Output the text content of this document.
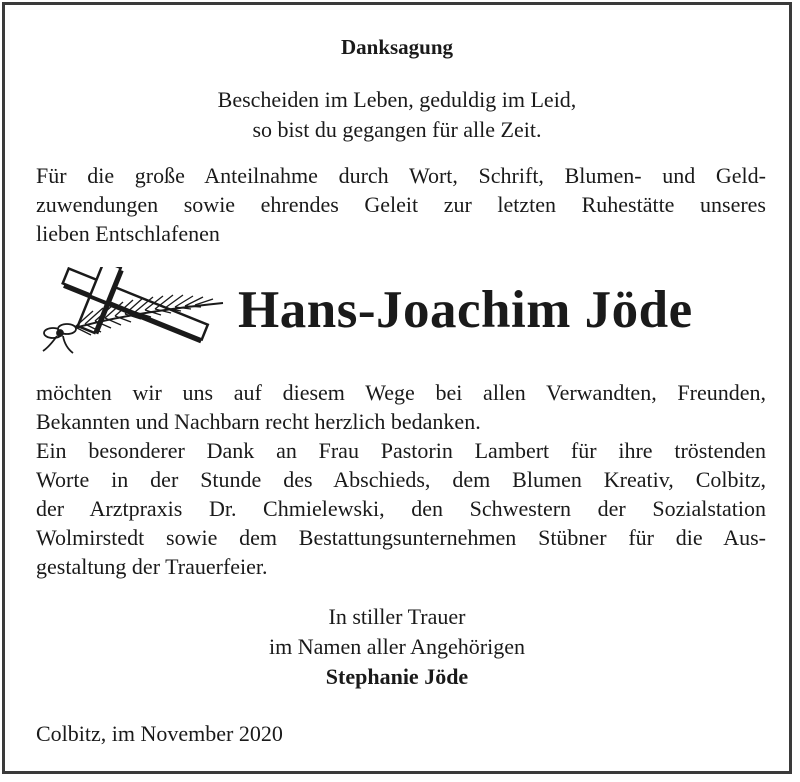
Danksagung
Bescheiden im Leben, geduldig im Leid,
so bist du gegangen für alle Zeit.
Für die große Anteilnahme durch Wort, Schrift, Blumen- und Geld-
zuwendungen sowie ehrendes Geleit zur letzten Ruhestätte unseres
lieben Entschlafenen
Hans-Joachim Jöde
möchten wir uns auf diesem Wege bei allen Verwandten, Freunden,
Bekannten und Nachbarn recht herzlich bedanken.
Ein besonderer Dank an Frau Pastorin Lambert für ihre tröstenden
Worte in der Stunde des Abschieds, dem Blumen Kreativ, Colbitz,
der Arztpraxis Dr. Chmielewski, den Schwestern der Sozialstation
Wolmirstedt sowie dem Bestattungsunternehmen Stübner für die Aus-
gestaltung der Trauerfeier.
In stiller Trauer
im Namen aller Angehörigen
Stephanie Jöde
Colbitz, im November 2020
